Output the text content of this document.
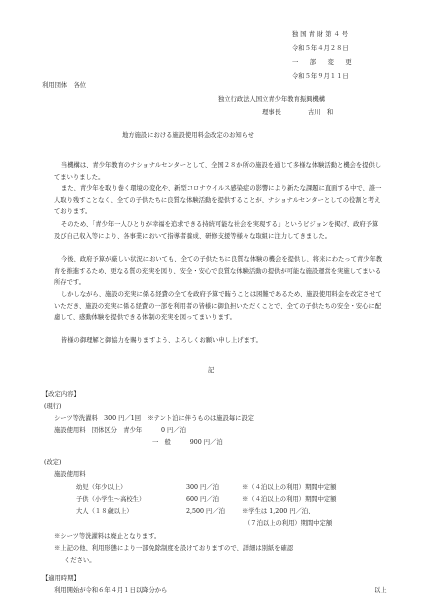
独 国 青 財 第 ４ 号
令和５年４月２８日
一　部　変　更
令和５年９月１１日
利用団体　各位
独立行政法人国立青少年教育振興機構
理事長	古川　和
地方施設における施設使用料金改定のお知らせ
当機構は、青少年教育のナショナルセンターとして、全国２８か所の施設を通じて多様な体験活動と機会を提供してまいりました。
また、青少年を取り巻く環境の変化や、新型コロナウイルス感染症の影響により新たな課題に直面する中で、誰一人取り残すことなく、全ての子供たちに良質な体験活動を提供することが、ナショナルセンターとしての役割と考えております。
そのため、「青少年一人ひとりが幸福を追求できる持続可能な社会を実現する」というビジョンを掲げ、政府予算及び自己収入等により、各事業において指導者養成、研修支援等様々な取組に注力してきました。
今後、政府予算が厳しい状況においても、全ての子供たちに良質な体験の機会を提供し、将来にわたって青少年教育を推進するため、更なる質の充実を図り、安全・安心で良質な体験活動の提供が可能な施設運営を実施してまいる所存です。
しかしながら、施設の充実に係る経費の全てを政府予算で賄うことは困難であるため、施設使用料金を改定させていただき、施設の充実に係る経費の一部を利用者の皆様に御負担いただくことで、全ての子供たちの安全・安心に配慮して、感動体験を提供できる体制の充実を図ってまいります。
皆様の御理解と御協力を賜りますよう、よろしくお願い申し上げます。
記
【改定内容】
(現行)
シーツ等洗濯料　300 円／1回　※テント泊に伴うものは施設毎に設定
施設使用料　団体区分　青少年　　　0 円／泊
一　般　　　900 円／泊
(改定)
施設使用料
幼児（年少以上）	300 円／泊	※（４泊以上の利用）期間中定額
子供（小学生～高校生）	600 円／泊	※（４泊以上の利用）期間中定額
大人（１８歳以上）	2,500 円／泊	※学生は 1,200 円／泊、
（７泊以上の利用）期間中定額
※シーツ等洗濯料は廃止となります。
※上記の他、利用形態により一部免除制度を設けておりますので、詳細は別紙を確認
ください。
【適用時期】
利用開始が令和６年４月１日以降分から	以上
